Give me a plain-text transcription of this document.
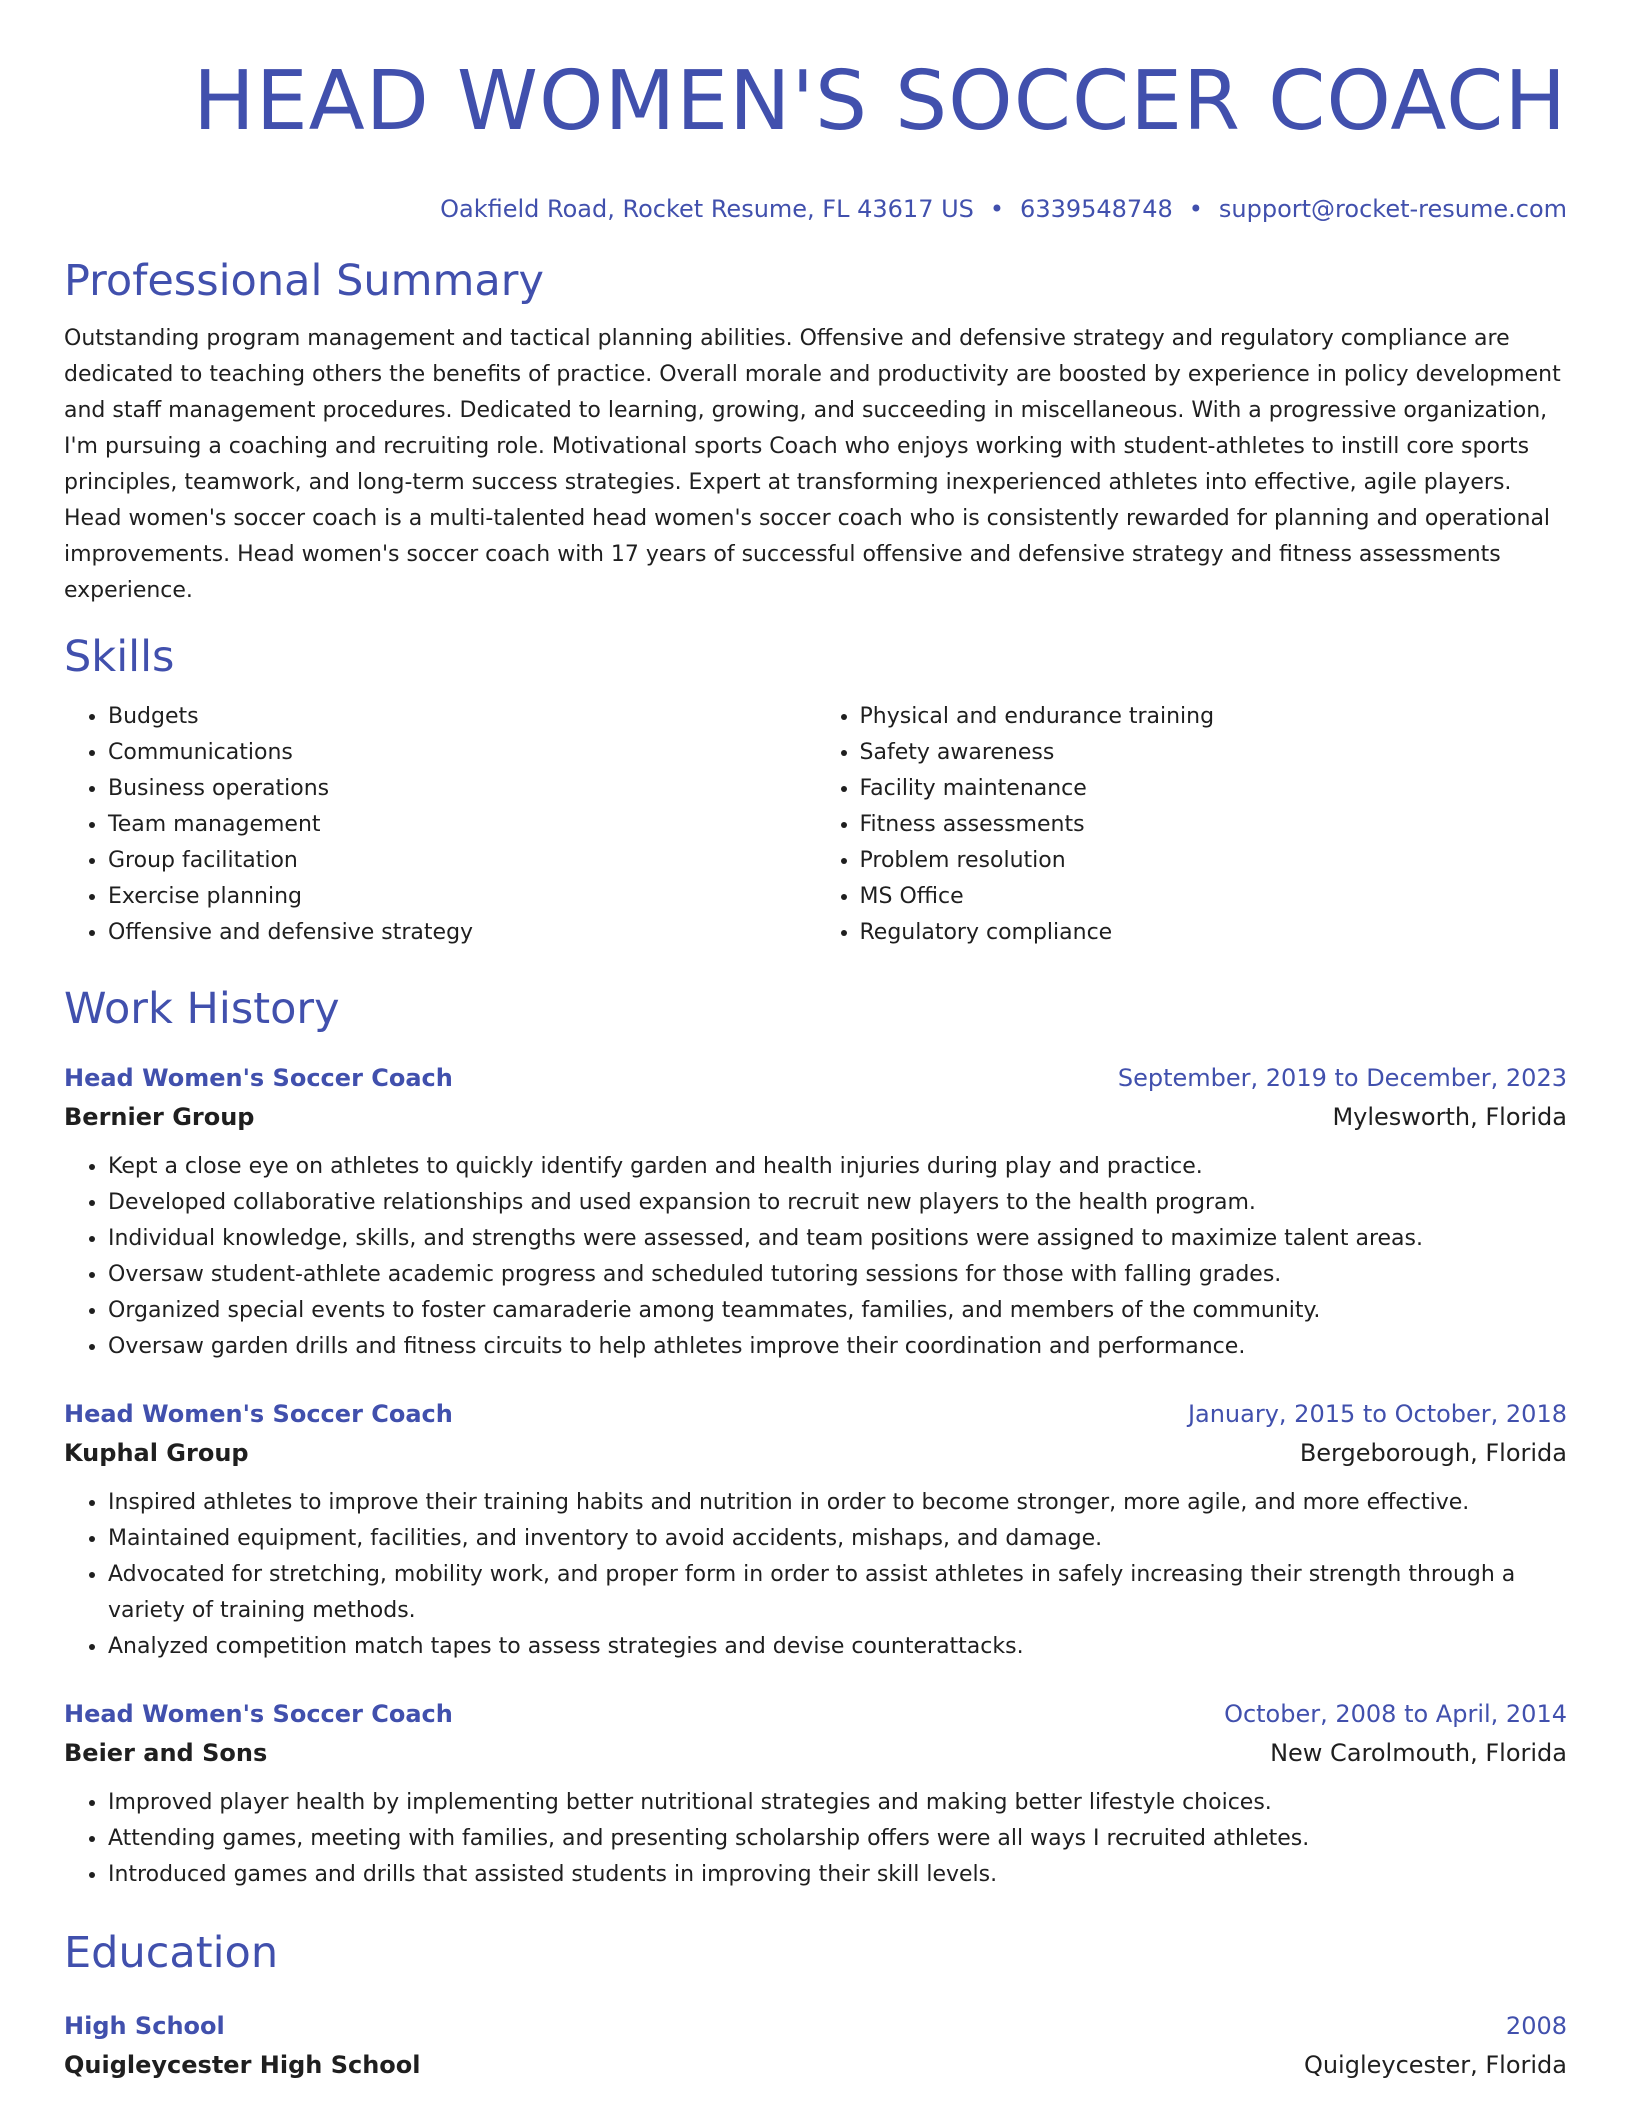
HEAD WOMEN'S SOCCER COACH
Oakfield Road, Rocket Resume, FL 43617 US • 6339548748 • support@rocket-resume.com
Professional Summary
Outstanding program management and tactical planning abilities. Offensive and defensive strategy and regulatory compliance are dedicated to teaching others the benefits of practice. Overall morale and productivity are boosted by experience in policy development and staff management procedures. Dedicated to learning, growing, and succeeding in miscellaneous. With a progressive organization, I'm pursuing a coaching and recruiting role. Motivational sports Coach who enjoys working with student-athletes to instill core sports principles, teamwork, and long-term success strategies. Expert at transforming inexperienced athletes into effective, agile players. Head women's soccer coach is a multi-talented head women's soccer coach who is consistently rewarded for planning and operational improvements. Head women's soccer coach with 17 years of successful offensive and defensive strategy and fitness assessments experience.
Skills
• Budgets
• Communications
• Business operations
• Team management
• Group facilitation
• Exercise planning
• Offensive and defensive strategy
• Physical and endurance training
• Safety awareness
• Facility maintenance
• Fitness assessments
• Problem resolution
• MS Office
• Regulatory compliance
Work History
Head Women's Soccer Coach	September, 2019 to December, 2023
Bernier Group	Mylesworth, Florida
• Kept a close eye on athletes to quickly identify garden and health injuries during play and practice.
• Developed collaborative relationships and used expansion to recruit new players to the health program.
• Individual knowledge, skills, and strengths were assessed, and team positions were assigned to maximize talent areas.
• Oversaw student-athlete academic progress and scheduled tutoring sessions for those with falling grades.
• Organized special events to foster camaraderie among teammates, families, and members of the community.
• Oversaw garden drills and fitness circuits to help athletes improve their coordination and performance.
Head Women's Soccer Coach	January, 2015 to October, 2018
Kuphal Group	Bergeborough, Florida
• Inspired athletes to improve their training habits and nutrition in order to become stronger, more agile, and more effective.
• Maintained equipment, facilities, and inventory to avoid accidents, mishaps, and damage.
• Advocated for stretching, mobility work, and proper form in order to assist athletes in safely increasing their strength through a variety of training methods.
• Analyzed competition match tapes to assess strategies and devise counterattacks.
Head Women's Soccer Coach	October, 2008 to April, 2014
Beier and Sons	New Carolmouth, Florida
• Improved player health by implementing better nutritional strategies and making better lifestyle choices.
• Attending games, meeting with families, and presenting scholarship offers were all ways I recruited athletes.
• Introduced games and drills that assisted students in improving their skill levels.
Education
High School	2008
Quigleycester High School	Quigleycester, Florida
